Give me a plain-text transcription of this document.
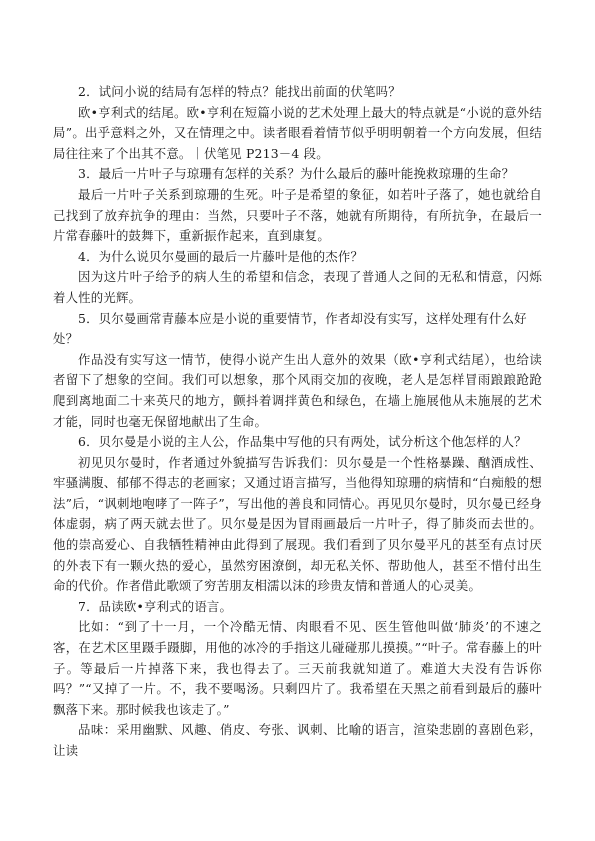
2．试问小说的结局有怎样的特点？能找出前面的伏笔吗？

欧•亨利式的结尾。欧•亨利在短篇小说的艺术处理上最大的特点就是“小说的意外结局”。出乎意料之外，又在情理之中。读者眼看着情节似乎明明朝着一个方向发展，但结局往往来了个出其不意。｜伏笔见 P213－4 段。

3．最后一片叶子与琼珊有怎样的关系？为什么最后的藤叶能挽救琼珊的生命？

最后一片叶子关系到琼珊的生死。叶子是希望的象征，如若叶子落了，她也就给自己找到了放弃抗争的理由：当然，只要叶子不落，她就有所期待，有所抗争，在最后一片常春藤叶的鼓舞下，重新振作起来，直到康复。

4．为什么说贝尔曼画的最后一片藤叶是他的杰作？

因为这片叶子给予的病人生的希望和信念，表现了普通人之间的无私和情意，闪烁着人性的光辉。

5．贝尔曼画常青藤本应是小说的重要情节，作者却没有实写，这样处理有什么好处？

作品没有实写这一情节，使得小说产生出人意外的效果（欧•亨利式结尾），也给读者留下了想象的空间。我们可以想象，那个风雨交加的夜晚，老人是怎样冒雨踉踉跄跄爬到离地面二十来英尺的地方，颤抖着调拌黄色和绿色，在墙上施展他从未施展的艺术才能，同时也毫无保留地献出了生命。

6．贝尔曼是小说的主人公，作品集中写他的只有两处，试分析这个他怎样的人？

初见贝尔曼时，作者通过外貌描写告诉我们：贝尔曼是一个性格暴躁、酗酒成性、牢骚满腹、郁郁不得志的老画家；又通过语言描写，当他得知琼珊的病情和“白痴般的想法”后，“讽刺地咆哮了一阵子”，写出他的善良和同情心。再见贝尔曼时，贝尔曼已经身体虚弱，病了两天就去世了。贝尔曼是因为冒雨画最后一片叶子，得了肺炎而去世的。他的崇高爱心、自我牺牲精神由此得到了展现。我们看到了贝尔曼平凡的甚至有点讨厌的外表下有一颗火热的爱心，虽然穷困潦倒，却无私关怀、帮助他人，甚至不惜付出生命的代价。作者借此歌颂了穷苦朋友相濡以沫的珍贵友情和普通人的心灵美。

7．品读欧•亨利式的语言。

比如：“到了十一月，一个冷酷无情、肉眼看不见、医生管他叫做‘肺炎’的不速之客，在艺术区里蹑手蹑脚，用他的冰冷的手指这儿碰碰那儿摸摸。”“叶子。常春藤上的叶子。等最后一片掉落下来，我也得去了。三天前我就知道了。难道大夫没有告诉你吗？”“又掉了一片。不，我不要喝汤。只剩四片了。我希望在天黑之前看到最后的藤叶飘落下来。那时候我也该走了。”

品味：采用幽默、风趣、俏皮、夸张、讽刺、比喻的语言，渲染悲剧的喜剧色彩，让读
